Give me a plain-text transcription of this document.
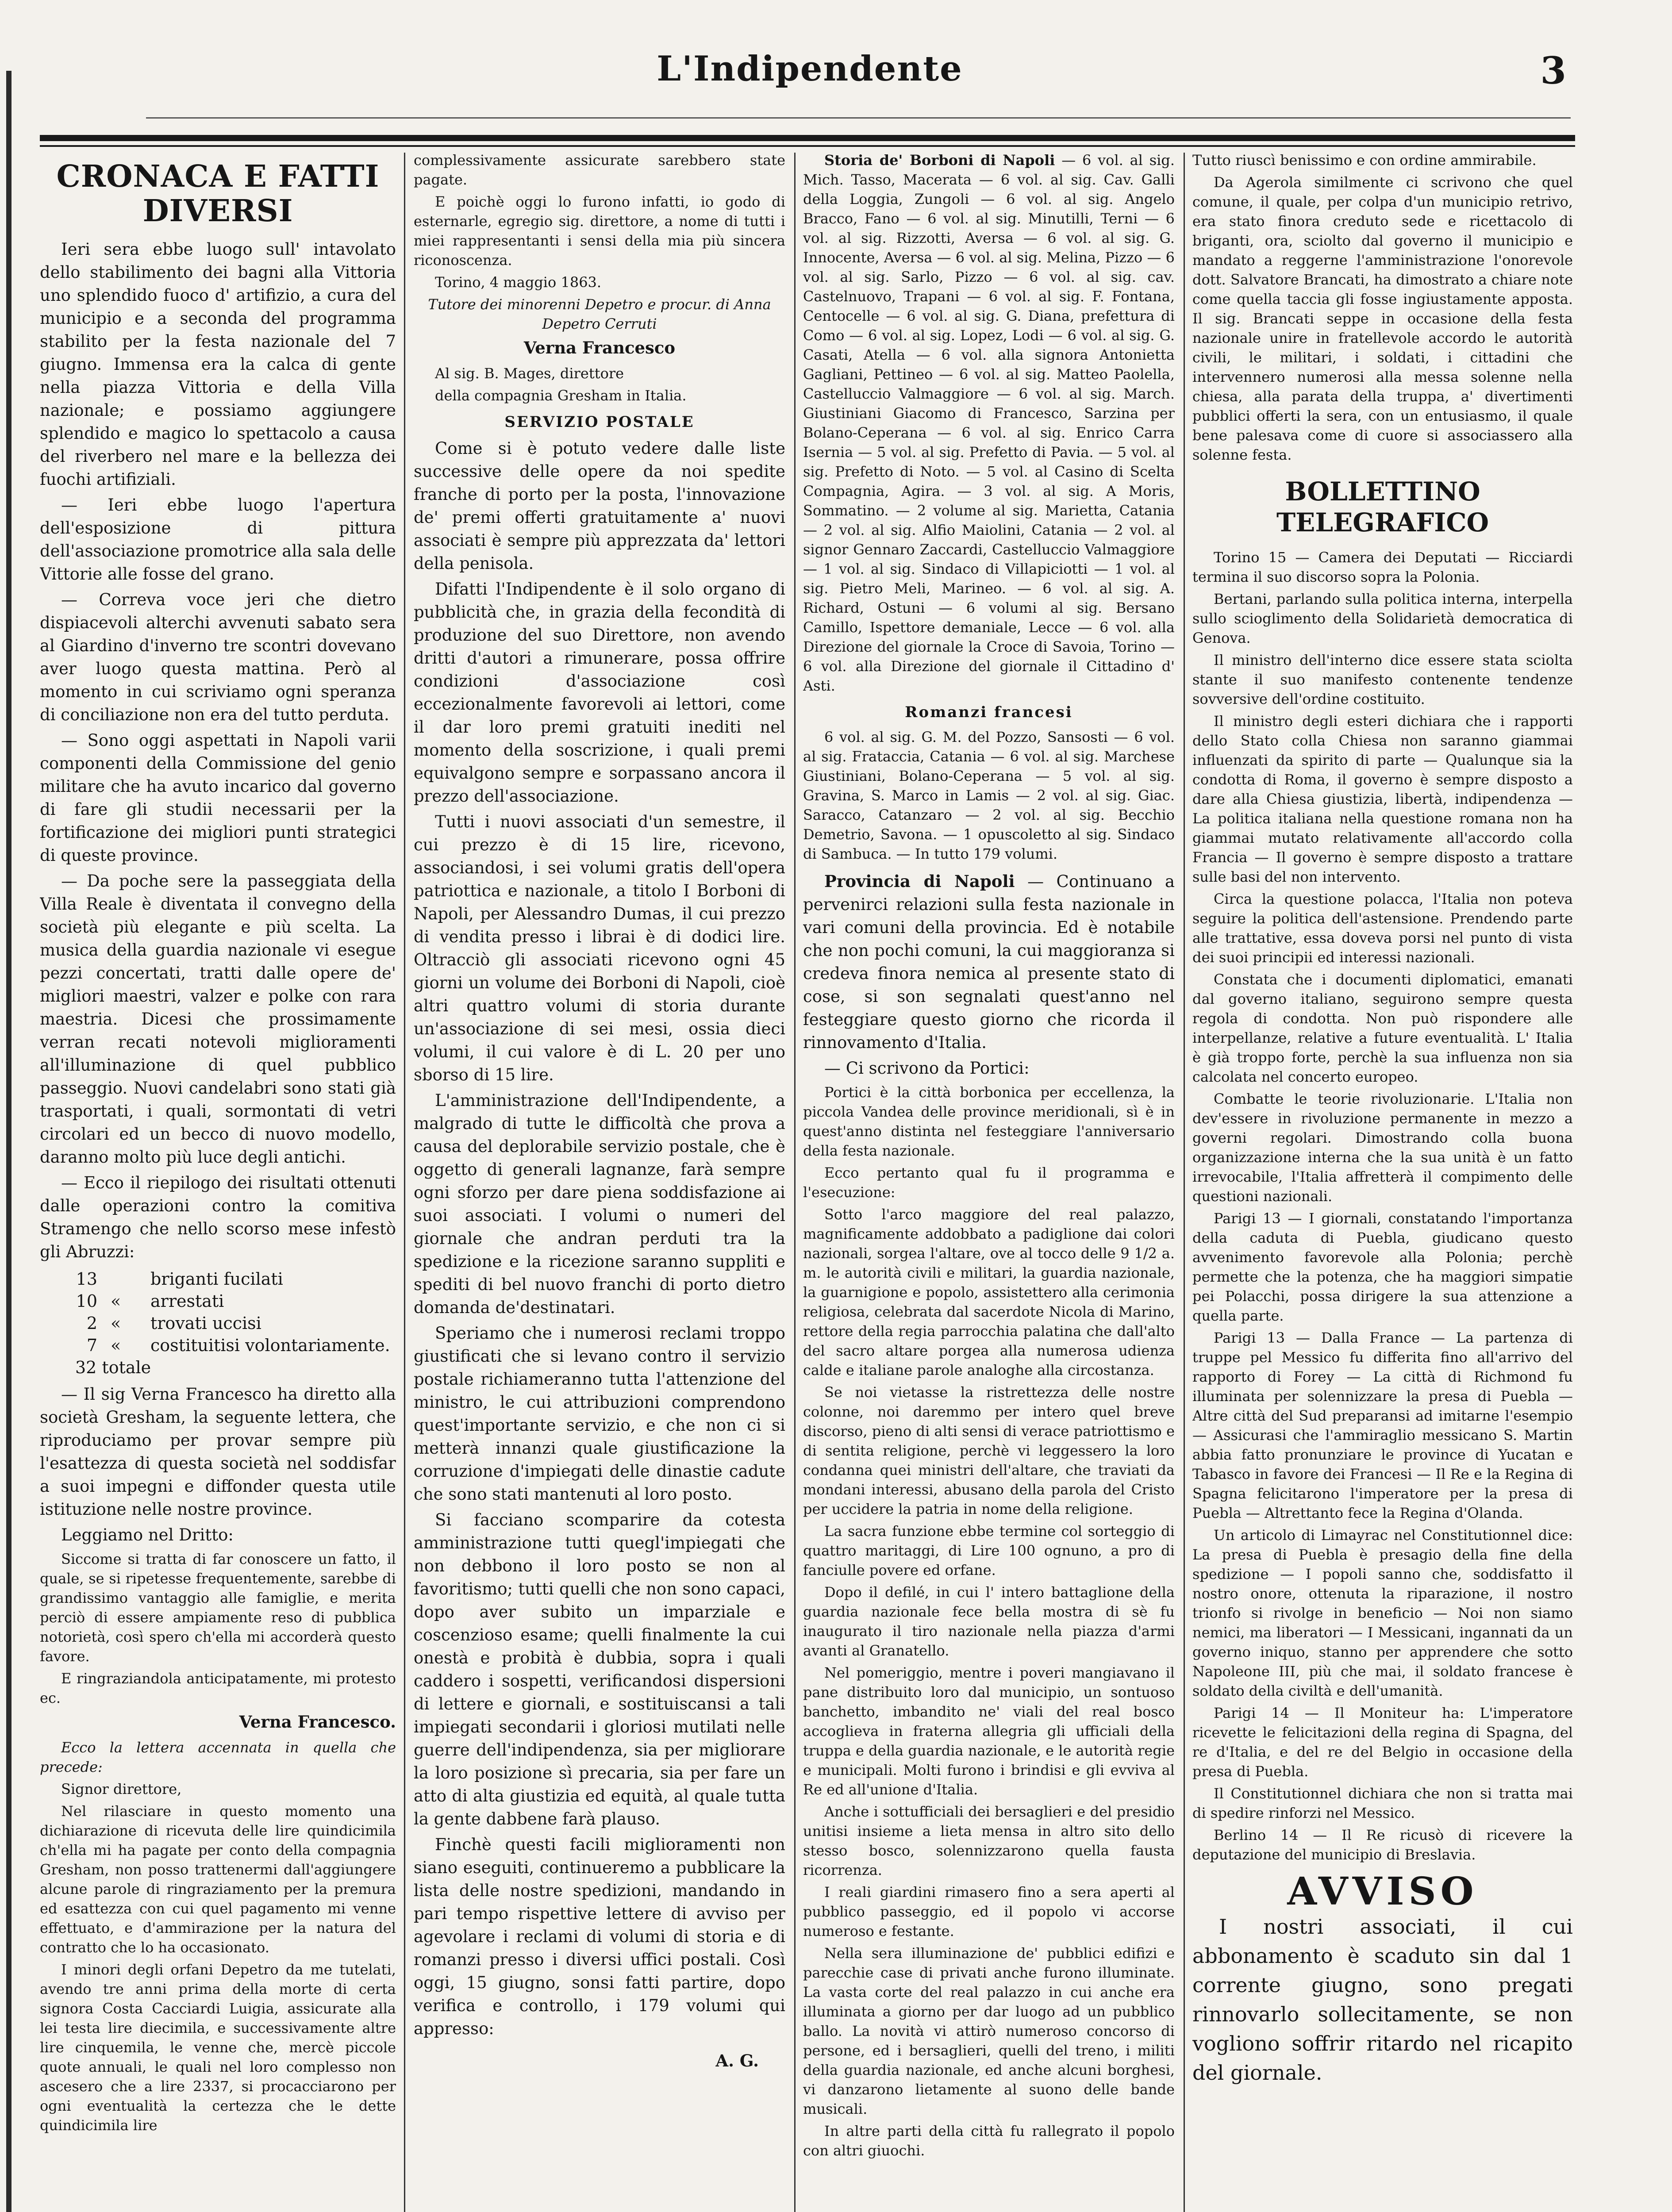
L'Indipendente	3
CRONACA E FATTI DIVERSI

Ieri sera ebbe luogo sull' intavolato dello stabilimento dei bagni alla Vittoria uno splendido fuoco d' artifizio, a cura del municipio e a seconda del programma stabilito per la festa nazionale del 7 giugno. Immensa era la calca di gente nella piazza Vittoria e della Villa nazionale; e possiamo aggiungere splendido e magico lo spettacolo a causa del riverbero nel mare e la bellezza dei fuochi artifiziali.

— Ieri ebbe luogo l'apertura dell'esposizione di pittura dell'associazione promotrice alla sala delle Vittorie alle fosse del grano.

— Correva voce jeri che dietro dispiacevoli alterchi avvenuti sabato sera al Giardino d'inverno tre scontri dovevano aver luogo questa mattina. Però al momento in cui scriviamo ogni speranza di conciliazione non era del tutto perduta.

— Sono oggi aspettati in Napoli varii componenti della Commissione del genio militare che ha avuto incarico dal governo di fare gli studii necessarii per la fortificazione dei migliori punti strategici di queste province.

— Da poche sere la passeggiata della Villa Reale è diventata il convegno della società più elegante e più scelta. La musica della guardia nazionale vi esegue pezzi concertati, tratti dalle opere de' migliori maestri, valzer e polke con rara maestria. Dicesi che prossimamente verran recati notevoli miglioramenti all'illuminazione di quel pubblico passeggio. Nuovi candelabri sono stati già trasportati, i quali, sormontati di vetri circolari ed un becco di nuovo modello, daranno molto più luce degli antichi.

— Ecco il riepilogo dei risultati ottenuti dalle operazioni contro la comitiva Stramengo che nello scorso mese infestò gli Abruzzi:

13	briganti fucilati
10 «	arrestati
2 «	trovati uccisi
7 «	costituitisi volontariamente.
32 totale

— Il sig Verna Francesco ha diretto alla società Gresham, la seguente lettera, che riproduciamo per provar sempre più l'esattezza di questa società nel soddisfar a suoi impegni e diffonder questa utile istituzione nelle nostre province.

Leggiamo nel Dritto:

Siccome si tratta di far conoscere un fatto, il quale, se si ripetesse frequentemente, sarebbe di grandissimo vantaggio alle famiglie, e merita perciò di essere ampiamente reso di pubblica notorietà, così spero ch'ella mi accorderà questo favore.

E ringraziandola anticipatamente, mi protesto ec.

Verna Francesco.

Ecco la lettera accennata in quella che precede:

Signor direttore,

Nel rilasciare in questo momento una dichiarazione di ricevuta delle lire quindicimila ch'ella mi ha pagate per conto della compagnia Gresham, non posso trattenermi dall'aggiungere alcune parole di ringraziamento per la premura ed esattezza con cui quel pagamento mi venne effettuato, e d'ammirazione per la natura del contratto che lo ha occasionato.

I minori degli orfani Depetro da me tutelati, avendo tre anni prima della morte di certa signora Costa Cacciardi Luigia, assicurate alla lei testa lire diecimila, e successivamente altre lire cinquemila, le venne che, mercè piccole quote annuali, le quali nel loro complesso non ascesero che a lire 2337, si procacciarono per ogni eventualità la certezza che le dette quindicimila lire

complessivamente assicurate sarebbero state pagate.

E poichè oggi lo furono infatti, io godo di esternarle, egregio sig. direttore, a nome di tutti i miei rappresentanti i sensi della mia più sincera riconoscenza.

Torino, 4 maggio 1863.

Tutore dei minorenni Depetro e procur. di Anna Depetro Cerruti

Verna Francesco

Al sig. B. Mages, direttore

della compagnia Gresham in Italia.

SERVIZIO POSTALE

Come si è potuto vedere dalle liste successive delle opere da noi spedite franche di porto per la posta, l'innovazione de' premi offerti gratuitamente a' nuovi associati è sempre più apprezzata da' lettori della penisola.

Difatti l'Indipendente è il solo organo di pubblicità che, in grazia della fecondità di produzione del suo Direttore, non avendo dritti d'autori a rimunerare, possa offrire condizioni d'associazione così eccezionalmente favorevoli ai lettori, come il dar loro premi gratuiti inediti nel momento della soscrizione, i quali premi equivalgono sempre e sorpassano ancora il prezzo dell'associazione.

Tutti i nuovi associati d'un semestre, il cui prezzo è di 15 lire, ricevono, associandosi, i sei volumi gratis dell'opera patriottica e nazionale, a titolo I Borboni di Napoli, per Alessandro Dumas, il cui prezzo di vendita presso i librai è di dodici lire. Oltracciò gli associati ricevono ogni 45 giorni un volume dei Borboni di Napoli, cioè altri quattro volumi di storia durante un'associazione di sei mesi, ossia dieci volumi, il cui valore è di L. 20 per uno sborso di 15 lire.

L'amministrazione dell'Indipendente, a malgrado di tutte le difficoltà che prova a causa del deplorabile servizio postale, che è oggetto di generali lagnanze, farà sempre ogni sforzo per dare piena soddisfazione ai suoi associati. I volumi o numeri del giornale che andran perduti tra la spedizione e la ricezione saranno suppliti e spediti di bel nuovo franchi di porto dietro domanda de'destinatari.

Speriamo che i numerosi reclami troppo giustificati che si levano contro il servizio postale richiameranno tutta l'attenzione del ministro, le cui attribuzioni comprendono quest'importante servizio, e che non ci si metterà innanzi quale giustificazione la corruzione d'impiegati delle dinastie cadute che sono stati mantenuti al loro posto.

Si facciano scomparire da cotesta amministrazione tutti quegl'impiegati che non debbono il loro posto se non al favoritismo; tutti quelli che non sono capaci, dopo aver subito un imparziale e coscenzioso esame; quelli finalmente la cui onestà e probità è dubbia, sopra i quali caddero i sospetti, verificandosi dispersioni di lettere e giornali, e sostituiscansi a tali impiegati secondarii i gloriosi mutilati nelle guerre dell'indipendenza, sia per migliorare la loro posizione sì precaria, sia per fare un atto di alta giustizia ed equità, al quale tutta la gente dabbene farà plauso.

Finchè questi facili miglioramenti non siano eseguiti, continueremo a pubblicare la lista delle nostre spedizioni, mandando in pari tempo rispettive lettere di avviso per agevolare i reclami di volumi di storia e di romanzi presso i diversi uffici postali. Così oggi, 15 giugno, sonsi fatti partire, dopo verifica e controllo, i 179 volumi qui appresso:

A. G.

Storia de' Borboni di Napoli — 6 vol. al sig. Mich. Tasso, Macerata — 6 vol. al sig. Cav. Galli della Loggia, Zungoli — 6 vol. al sig. Angelo Bracco, Fano — 6 vol. al sig. Minutilli, Terni — 6 vol. al sig. Rizzotti, Aversa — 6 vol. al sig. G. Innocente, Aversa — 6 vol. al sig. Melina, Pizzo — 6 vol. al sig. Sarlo, Pizzo — 6 vol. al sig. cav. Castelnuovo, Trapani — 6 vol. al sig. F. Fontana, Centocelle — 6 vol. al sig. G. Diana, prefettura di Como — 6 vol. al sig. Lopez, Lodi — 6 vol. al sig. G. Casati, Atella — 6 vol. alla signora Antonietta Gagliani, Pettineo — 6 vol. al sig. Matteo Paolella, Castelluccio Valmaggiore — 6 vol. al sig. March. Giustiniani Giacomo di Francesco, Sarzina per Bolano-Ceperana — 6 vol. al sig. Enrico Carra Isernia — 5 vol. al sig. Prefetto di Pavia. — 5 vol. al sig. Prefetto di Noto. — 5 vol. al Casino di Scelta Compagnia, Agira. — 3 vol. al sig. A Moris, Sommatino. — 2 volume al sig. Marietta, Catania — 2 vol. al sig. Alfio Maiolini, Catania — 2 vol. al signor Gennaro Zaccardi, Castelluccio Valmaggiore — 1 vol. al sig. Sindaco di Villapiciotti — 1 vol. al sig. Pietro Meli, Marineo. — 6 vol. al sig. A. Richard, Ostuni — 6 volumi al sig. Bersano Camillo, Ispettore demaniale, Lecce — 6 vol. alla Direzione del giornale la Croce di Savoia, Torino — 6 vol. alla Direzione del giornale il Cittadino d' Asti.

Romanzi francesi

6 vol. al sig. G. M. del Pozzo, Sansosti — 6 vol. al sig. Frataccia, Catania — 6 vol. al sig. Marchese Giustiniani, Bolano-Ceperana — 5 vol. al sig. Gravina, S. Marco in Lamis — 2 vol. al sig. Giac. Saracco, Catanzaro — 2 vol. al sig. Becchio Demetrio, Savona. — 1 opuscoletto al sig. Sindaco di Sambuca. — In tutto 179 volumi.

Provincia di Napoli — Continuano a pervenirci relazioni sulla festa nazionale in vari comuni della provincia. Ed è notabile che non pochi comuni, la cui maggioranza si credeva finora nemica al presente stato di cose, si son segnalati quest'anno nel festeggiare questo giorno che ricorda il rinnovamento d'Italia.

— Ci scrivono da Portici:

Portici è la città borbonica per eccellenza, la piccola Vandea delle province meridionali, sì è in quest'anno distinta nel festeggiare l'anniversario della festa nazionale.

Ecco pertanto qual fu il programma e l'esecuzione:

Sotto l'arco maggiore del real palazzo, magnificamente addobbato a padiglione dai colori nazionali, sorgea l'altare, ove al tocco delle 9 1/2 a. m. le autorità civili e militari, la guardia nazionale, la guarnigione e popolo, assistettero alla cerimonia religiosa, celebrata dal sacerdote Nicola di Marino, rettore della regia parrocchia palatina che dall'alto del sacro altare porgea alla numerosa udienza calde e italiane parole analoghe alla circostanza.

Se noi vietasse la ristrettezza delle nostre colonne, noi daremmo per intero quel breve discorso, pieno di alti sensi di verace patriottismo e di sentita religione, perchè vi leggessero la loro condanna quei ministri dell'altare, che traviati da mondani interessi, abusano della parola del Cristo per uccidere la patria in nome della religione.

La sacra funzione ebbe termine col sorteggio di quattro maritaggi, di Lire 100 ognuno, a pro di fanciulle povere ed orfane.

Dopo il defilé, in cui l' intero battaglione della guardia nazionale fece bella mostra di sè fu inaugurato il tiro nazionale nella piazza d'armi avanti al Granatello.

Nel pomeriggio, mentre i poveri mangiavano il pane distribuito loro dal municipio, un sontuoso banchetto, imbandito ne' viali del real bosco accoglieva in fraterna allegria gli ufficiali della truppa e della guardia nazionale, e le autorità regie e municipali. Molti furono i brindisi e gli evviva al Re ed all'unione d'Italia.

Anche i sottufficiali dei bersaglieri e del presidio unitisi insieme a lieta mensa in altro sito dello stesso bosco, solennizzarono quella fausta ricorrenza.

I reali giardini rimasero fino a sera aperti al pubblico passeggio, ed il popolo vi accorse numeroso e festante.

Nella sera illuminazione de' pubblici edifizi e parecchie case di privati anche furono illuminate. La vasta corte del real palazzo in cui anche era illuminata a giorno per dar luogo ad un pubblico ballo. La novità vi attirò numeroso concorso di persone, ed i bersaglieri, quelli del treno, i militi della guardia nazionale, ed anche alcuni borghesi, vi danzarono lietamente al suono delle bande musicali.

In altre parti della città fu rallegrato il popolo con altri giuochi.

Tutto riuscì benissimo e con ordine ammirabile.

Da Agerola similmente ci scrivono che quel comune, il quale, per colpa d'un municipio retrivo, era stato finora creduto sede e ricettacolo di briganti, ora, sciolto dal governo il municipio e mandato a reggerne l'amministrazione l'onorevole dott. Salvatore Brancati, ha dimostrato a chiare note come quella taccia gli fosse ingiustamente apposta. Il sig. Brancati seppe in occasione della festa nazionale unire in fratellevole accordo le autorità civili, le militari, i soldati, i cittadini che intervennero numerosi alla messa solenne nella chiesa, alla parata della truppa, a' divertimenti pubblici offerti la sera, con un entusiasmo, il quale bene palesava come di cuore si associassero alla solenne festa.

BOLLETTINO TELEGRAFICO

Torino 15 — Camera dei Deputati — Ricciardi termina il suo discorso sopra la Polonia.

Bertani, parlando sulla politica interna, interpella sullo scioglimento della Solidarietà democratica di Genova.

Il ministro dell'interno dice essere stata sciolta stante il suo manifesto contenente tendenze sovversive dell'ordine costituito.

Il ministro degli esteri dichiara che i rapporti dello Stato colla Chiesa non saranno giammai influenzati da spirito di parte — Qualunque sia la condotta di Roma, il governo è sempre disposto a dare alla Chiesa giustizia, libertà, indipendenza — La politica italiana nella questione romana non ha giammai mutato relativamente all'accordo colla Francia — Il governo è sempre disposto a trattare sulle basi del non intervento.

Circa la questione polacca, l'Italia non poteva seguire la politica dell'astensione. Prendendo parte alle trattative, essa doveva porsi nel punto di vista dei suoi principii ed interessi nazionali.

Constata che i documenti diplomatici, emanati dal governo italiano, seguirono sempre questa regola di condotta. Non può rispondere alle interpellanze, relative a future eventualità. L' Italia è già troppo forte, perchè la sua influenza non sia calcolata nel concerto europeo.

Combatte le teorie rivoluzionarie. L'Italia non dev'essere in rivoluzione permanente in mezzo a governi regolari. Dimostrando colla buona organizzazione interna che la sua unità è un fatto irrevocabile, l'Italia affretterà il compimento delle questioni nazionali.

Parigi 13 — I giornali, constatando l'importanza della caduta di Puebla, giudicano questo avvenimento favorevole alla Polonia; perchè permette che la potenza, che ha maggiori simpatie pei Polacchi, possa dirigere la sua attenzione a quella parte.

Parigi 13 — Dalla France — La partenza di truppe pel Messico fu differita fino all'arrivo del rapporto di Forey — La città di Richmond fu illuminata per solennizzare la presa di Puebla — Altre città del Sud preparansi ad imitarne l'esempio — Assicurasi che l'ammiraglio messicano S. Martin abbia fatto pronunziare le province di Yucatan e Tabasco in favore dei Francesi — Il Re e la Regina di Spagna felicitarono l'imperatore per la presa di Puebla — Altrettanto fece la Regina d'Olanda.

Un articolo di Limayrac nel Constitutionnel dice: La presa di Puebla è presagio della fine della spedizione — I popoli sanno che, soddisfatto il nostro onore, ottenuta la riparazione, il nostro trionfo si rivolge in beneficio — Noi non siamo nemici, ma liberatori — I Messicani, ingannati da un governo iniquo, stanno per apprendere che sotto Napoleone III, più che mai, il soldato francese è soldato della civiltà e dell'umanità.

Parigi 14 — Il Moniteur ha: L'imperatore ricevette le felicitazioni della regina di Spagna, del re d'Italia, e del re del Belgio in occasione della presa di Puebla.

Il Constitutionnel dichiara che non si tratta mai di spedire rinforzi nel Messico.

Berlino 14 — Il Re ricusò di ricevere la deputazione del municipio di Breslavia.

AVVISO
I nostri associati, il cui abbonamento è scaduto sin dal 1 corrente giugno, sono pregati rinnovarlo sollecitamente, se non vogliono soffrir ritardo nel ricapito del giornale.
